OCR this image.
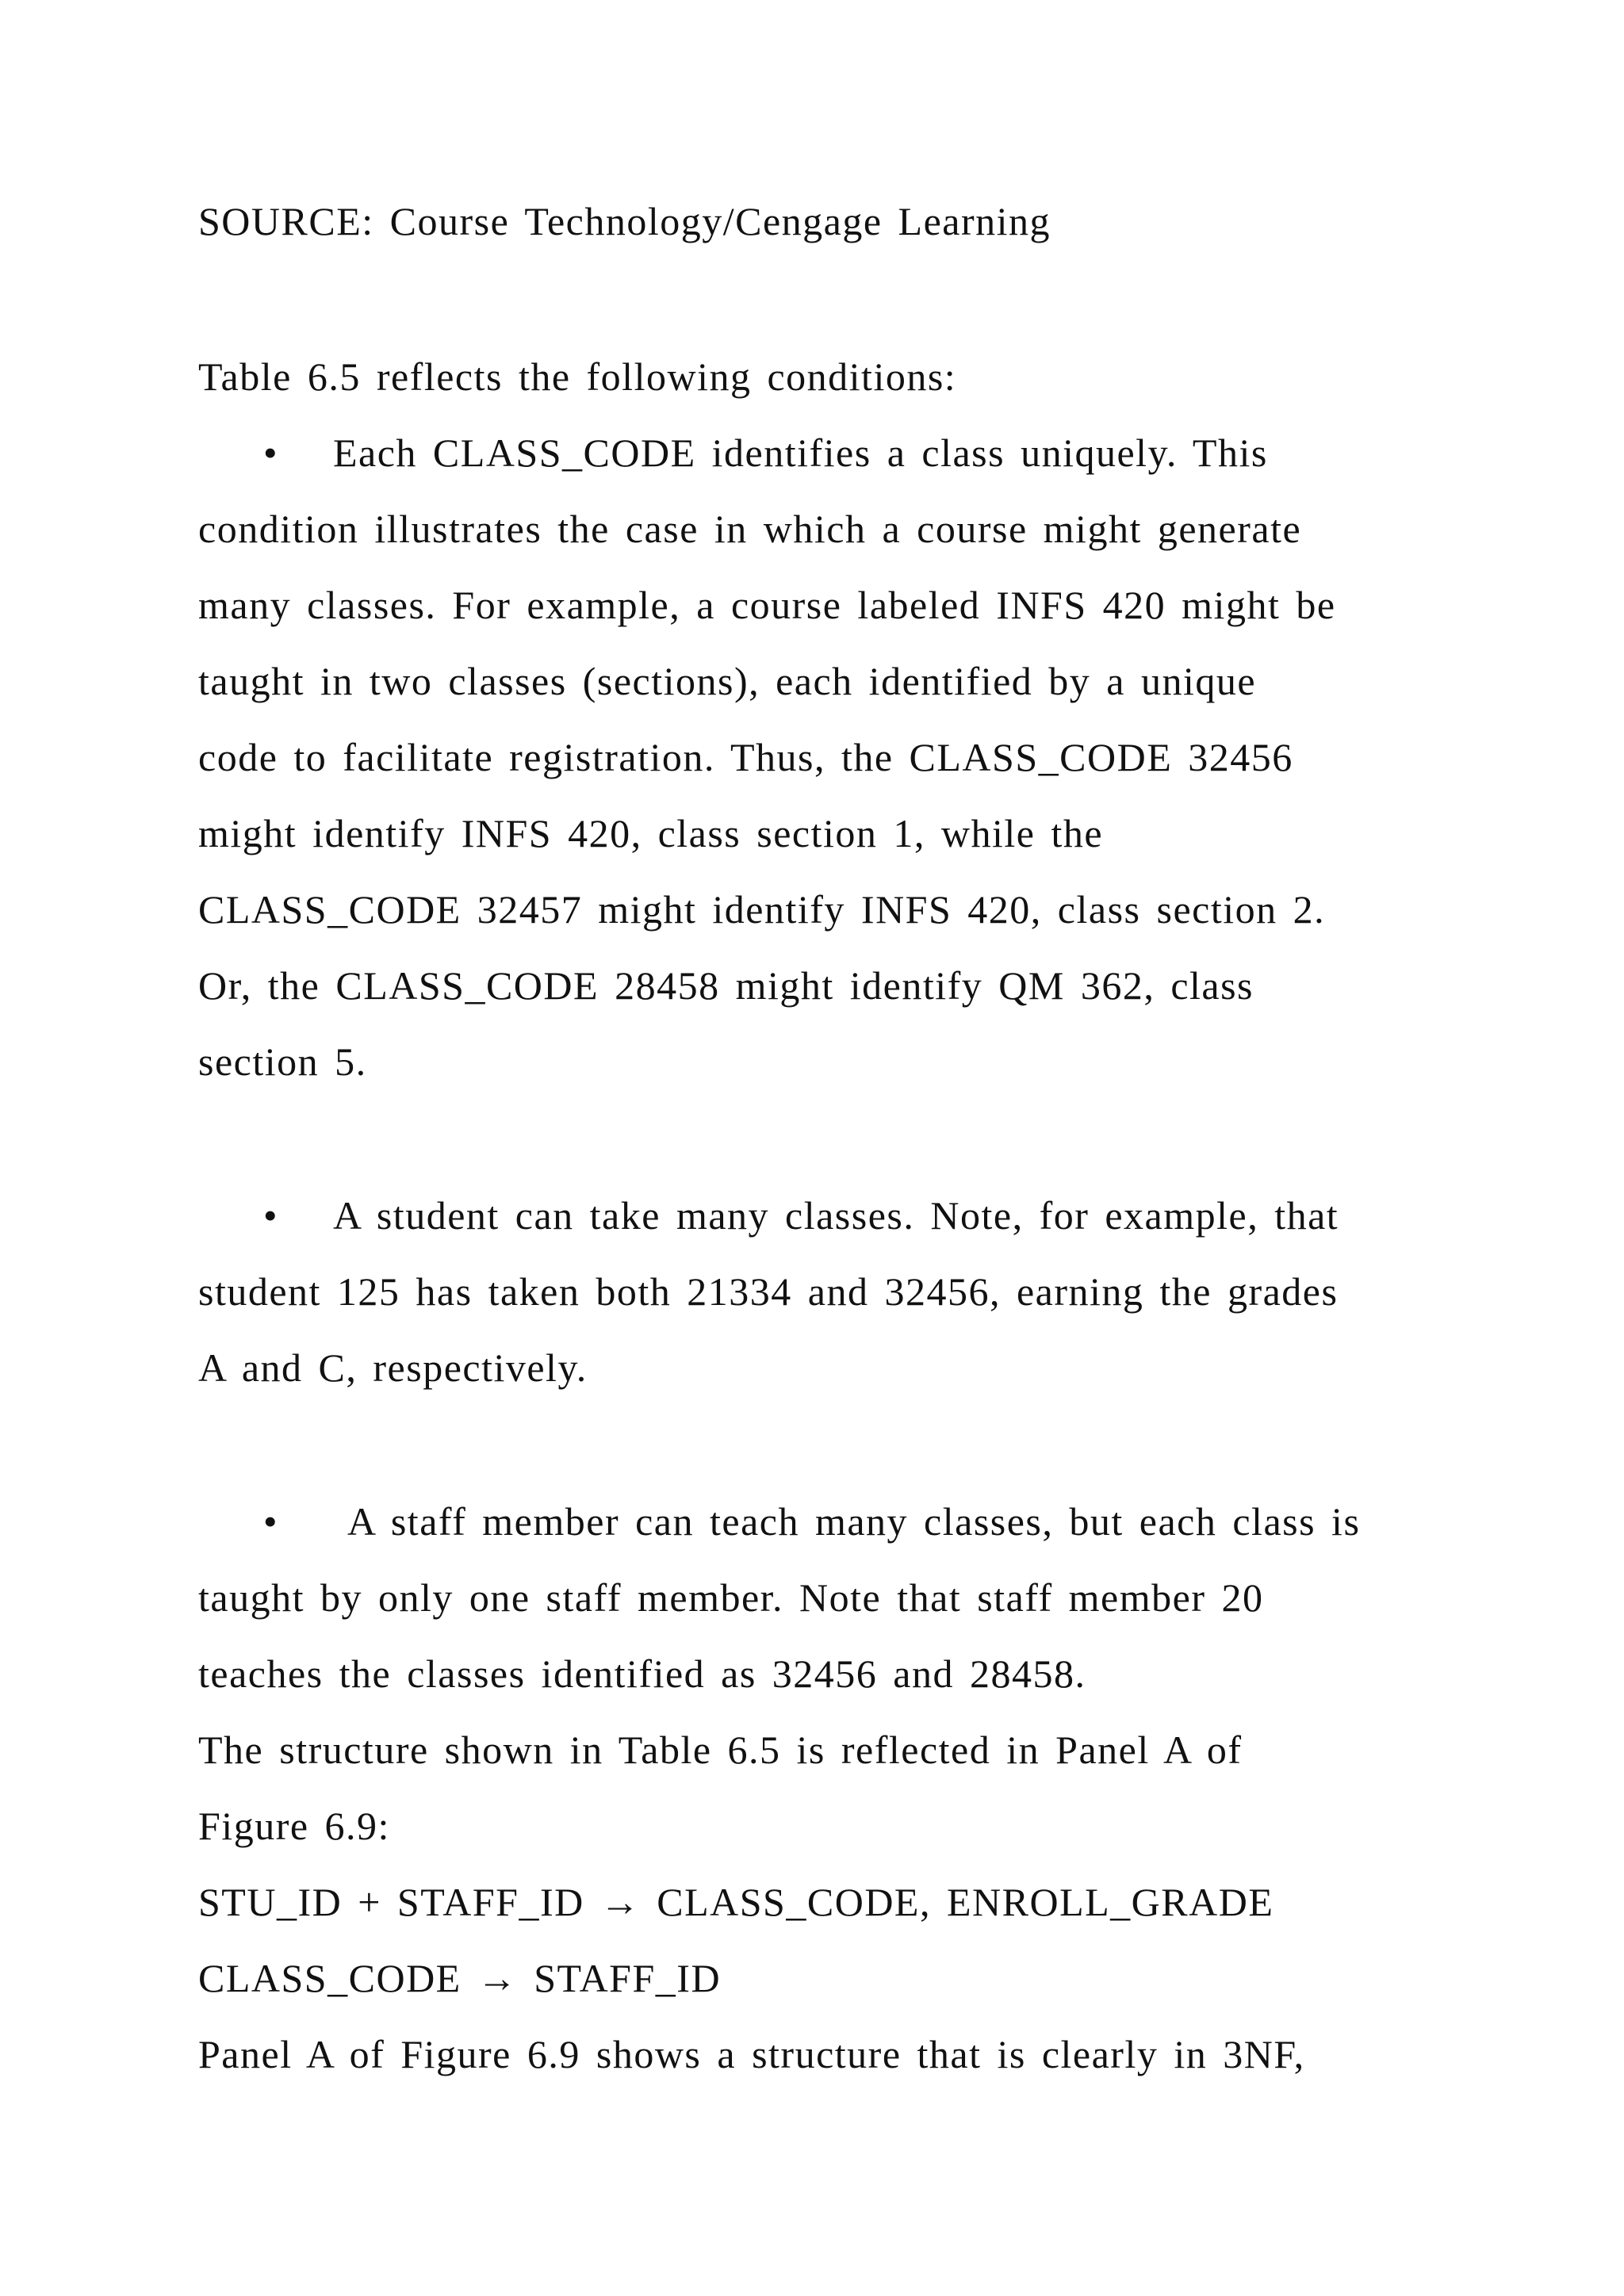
SOURCE: Course Technology/Cengage Learning

Table 6.5 reflects the following conditions:

• Each CLASS_CODE identifies a class uniquely. This

condition illustrates the case in which a course might generate

many classes. For example, a course labeled INFS 420 might be

taught in two classes (sections), each identified by a unique

code to facilitate registration. Thus, the CLASS_CODE 32456

might identify INFS 420, class section 1, while the

CLASS_CODE 32457 might identify INFS 420, class section 2.

Or, the CLASS_CODE 28458 might identify QM 362, class

section 5.

• A student can take many classes. Note, for example, that

student 125 has taken both 21334 and 32456, earning the grades

A and C, respectively.

• A staff member can teach many classes, but each class is

taught by only one staff member. Note that staff member 20

teaches the classes identified as 32456 and 28458.

The structure shown in Table 6.5 is reflected in Panel A of

Figure 6.9:

STU_ID + STAFF_ID → CLASS_CODE, ENROLL_GRADE

CLASS_CODE → STAFF_ID

Panel A of Figure 6.9 shows a structure that is clearly in 3NF,
